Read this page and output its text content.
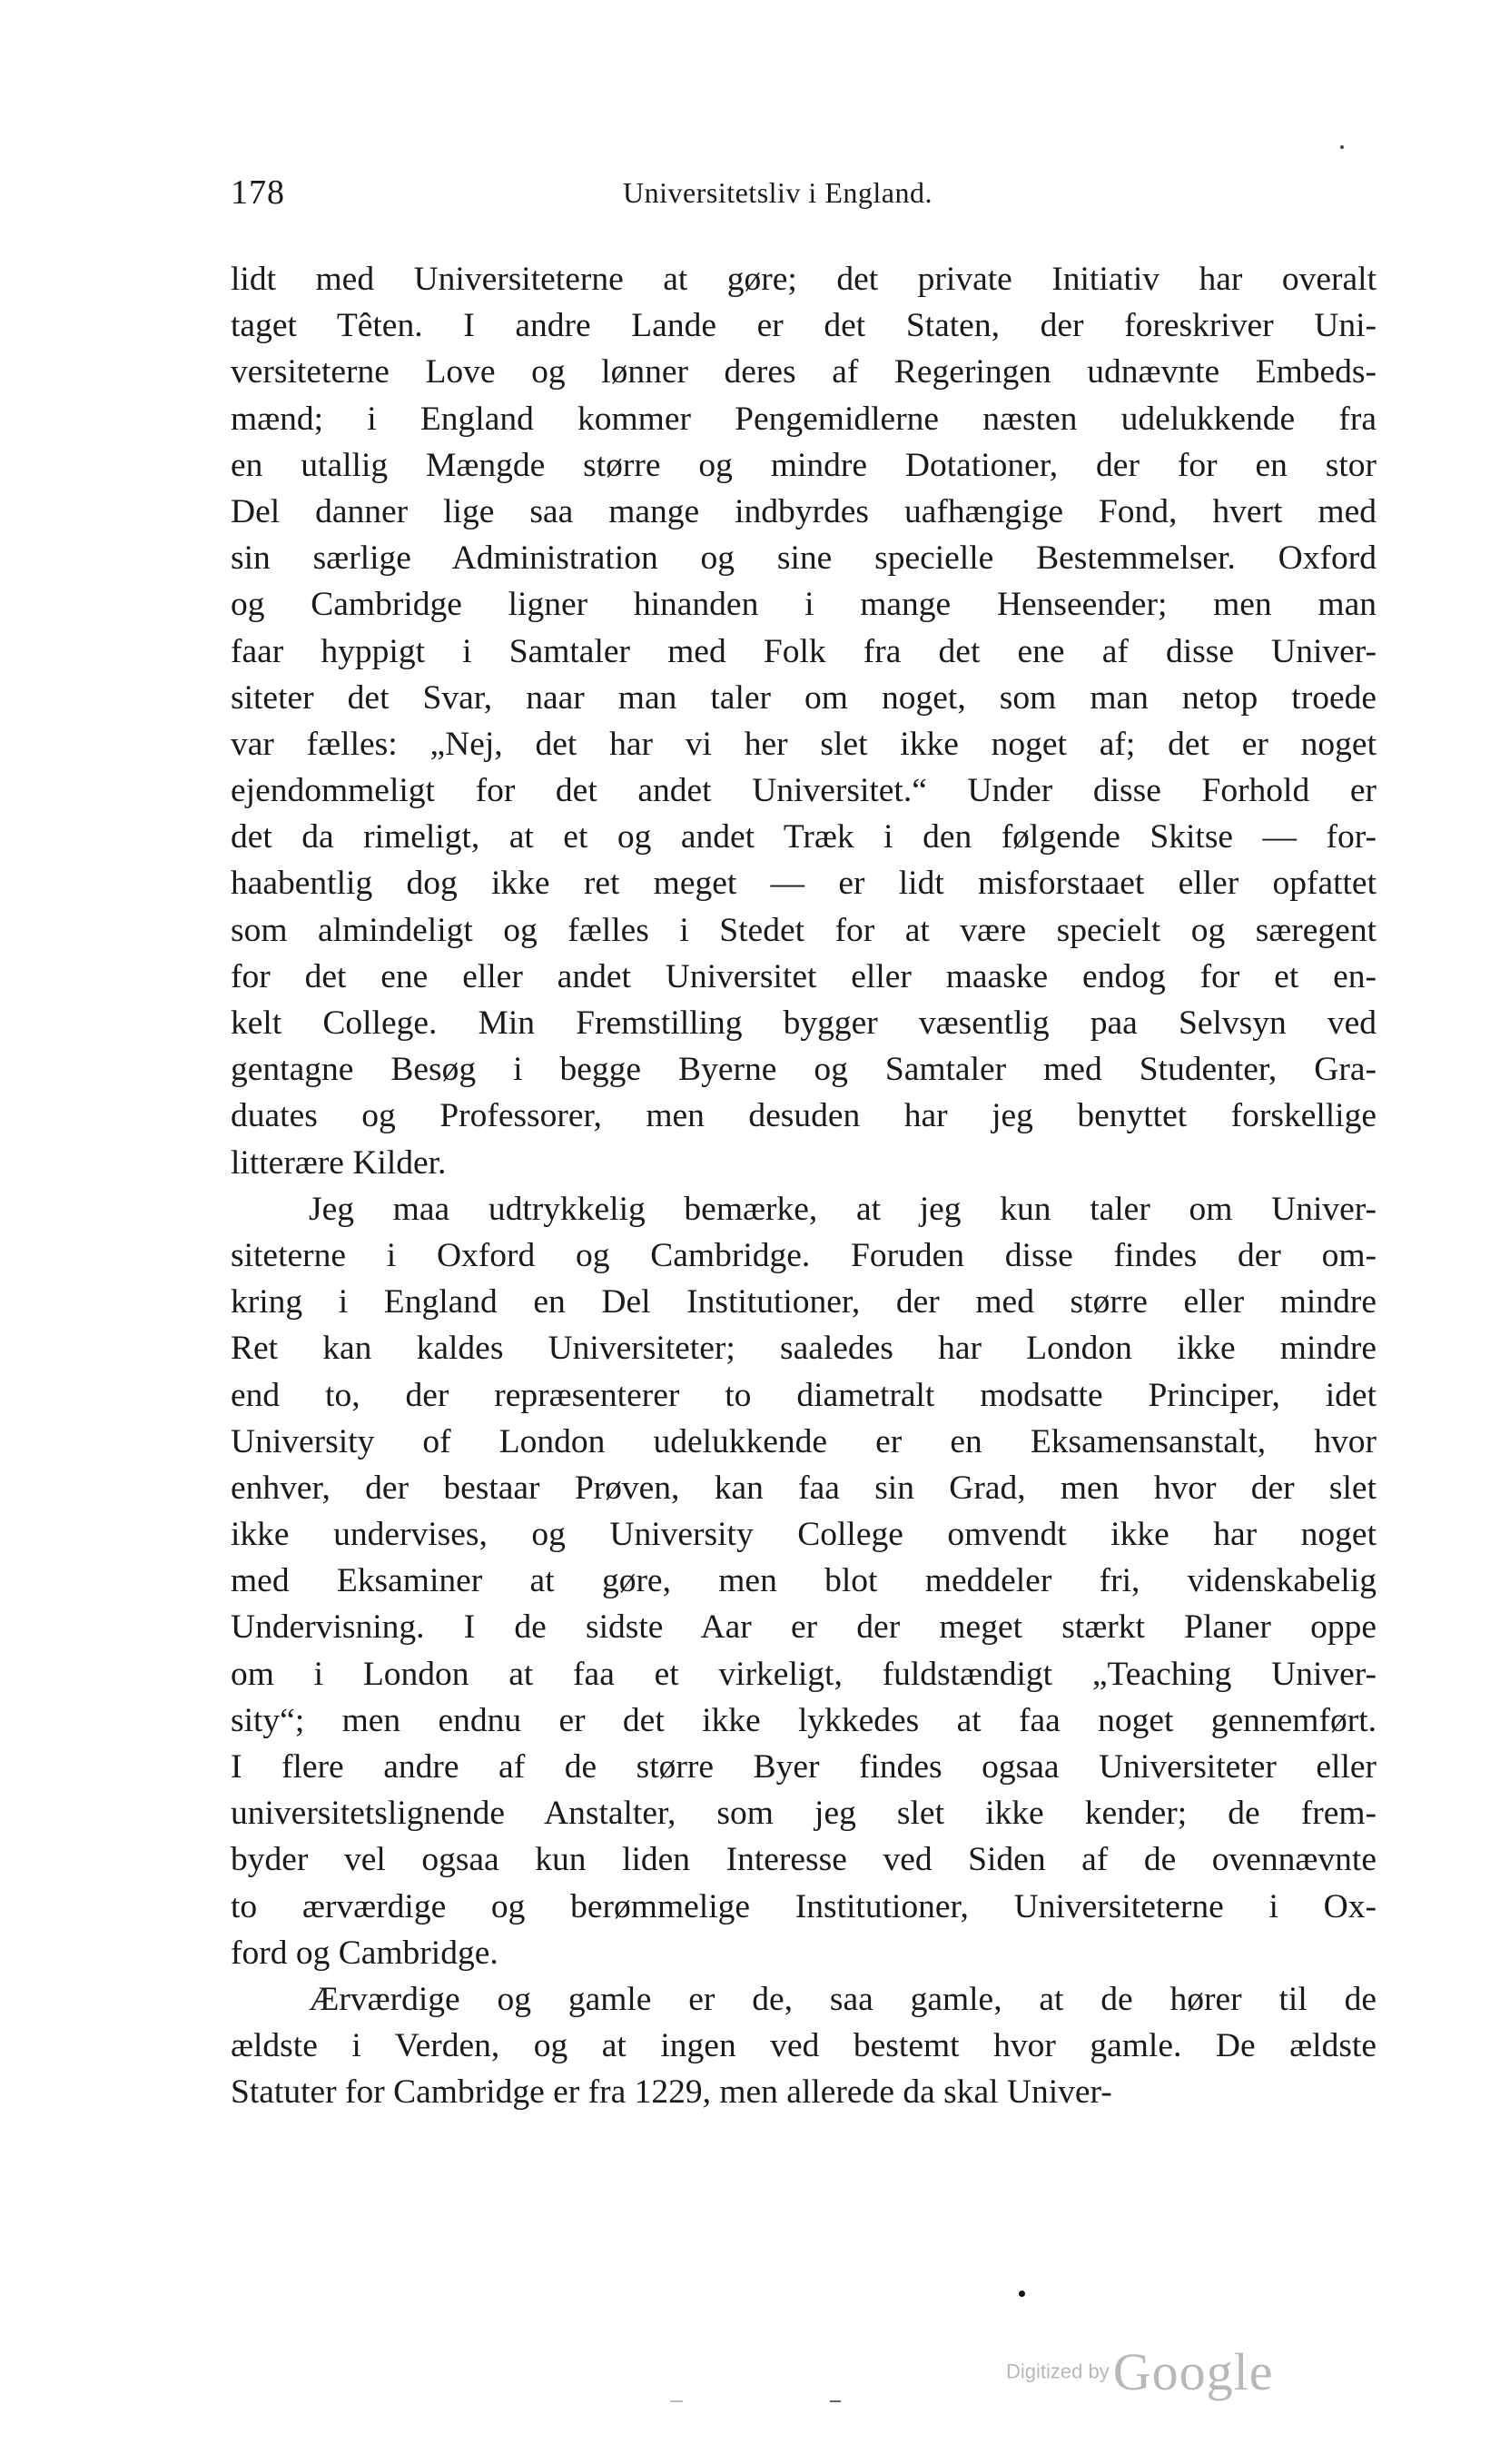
178	Universitetsliv i England.
lidt med Universiteterne at gøre; det private Initiativ har overalt
taget Têten. I andre Lande er det Staten, der foreskriver Uni-
versiteterne Love og lønner deres af Regeringen udnævnte Embeds-
mænd; i England kommer Pengemidlerne næsten udelukkende fra
en utallig Mængde større og mindre Dotationer, der for en stor
Del danner lige saa mange indbyrdes uafhængige Fond, hvert med
sin særlige Administration og sine specielle Bestemmelser. Oxford
og Cambridge ligner hinanden i mange Henseender; men man
faar hyppigt i Samtaler med Folk fra det ene af disse Univer-
siteter det Svar, naar man taler om noget, som man netop troede
var fælles: „Nej, det har vi her slet ikke noget af; det er noget
ejendommeligt for det andet Universitet.“ Under disse Forhold er
det da rimeligt, at et og andet Træk i den følgende Skitse — for-
haabentlig dog ikke ret meget — er lidt misforstaaet eller opfattet
som almindeligt og fælles i Stedet for at være specielt og særegent
for det ene eller andet Universitet eller maaske endog for et en-
kelt College. Min Fremstilling bygger væsentlig paa Selvsyn ved
gentagne Besøg i begge Byerne og Samtaler med Studenter, Gra-
duates og Professorer, men desuden har jeg benyttet forskellige
litterære Kilder.
Jeg maa udtrykkelig bemærke, at jeg kun taler om Univer-
siteterne i Oxford og Cambridge. Foruden disse findes der om-
kring i England en Del Institutioner, der med større eller mindre
Ret kan kaldes Universiteter; saaledes har London ikke mindre
end to, der repræsenterer to diametralt modsatte Principer, idet
University of London udelukkende er en Eksamensanstalt, hvor
enhver, der bestaar Prøven, kan faa sin Grad, men hvor der slet
ikke undervises, og University College omvendt ikke har noget
med Eksaminer at gøre, men blot meddeler fri, videnskabelig
Undervisning. I de sidste Aar er der meget stærkt Planer oppe
om i London at faa et virkeligt, fuldstændigt „Teaching Univer-
sity“; men endnu er det ikke lykkedes at faa noget gennemført.
I flere andre af de større Byer findes ogsaa Universiteter eller
universitetslignende Anstalter, som jeg slet ikke kender; de frem-
byder vel ogsaa kun liden Interesse ved Siden af de ovennævnte
to ærværdige og berømmelige Institutioner, Universiteterne i Ox-
ford og Cambridge.
Ærværdige og gamle er de, saa gamle, at de hører til de
ældste i Verden, og at ingen ved bestemt hvor gamle. De ældste
Statuter for Cambridge er fra 1229, men allerede da skal Univer-
Digitized by Google
